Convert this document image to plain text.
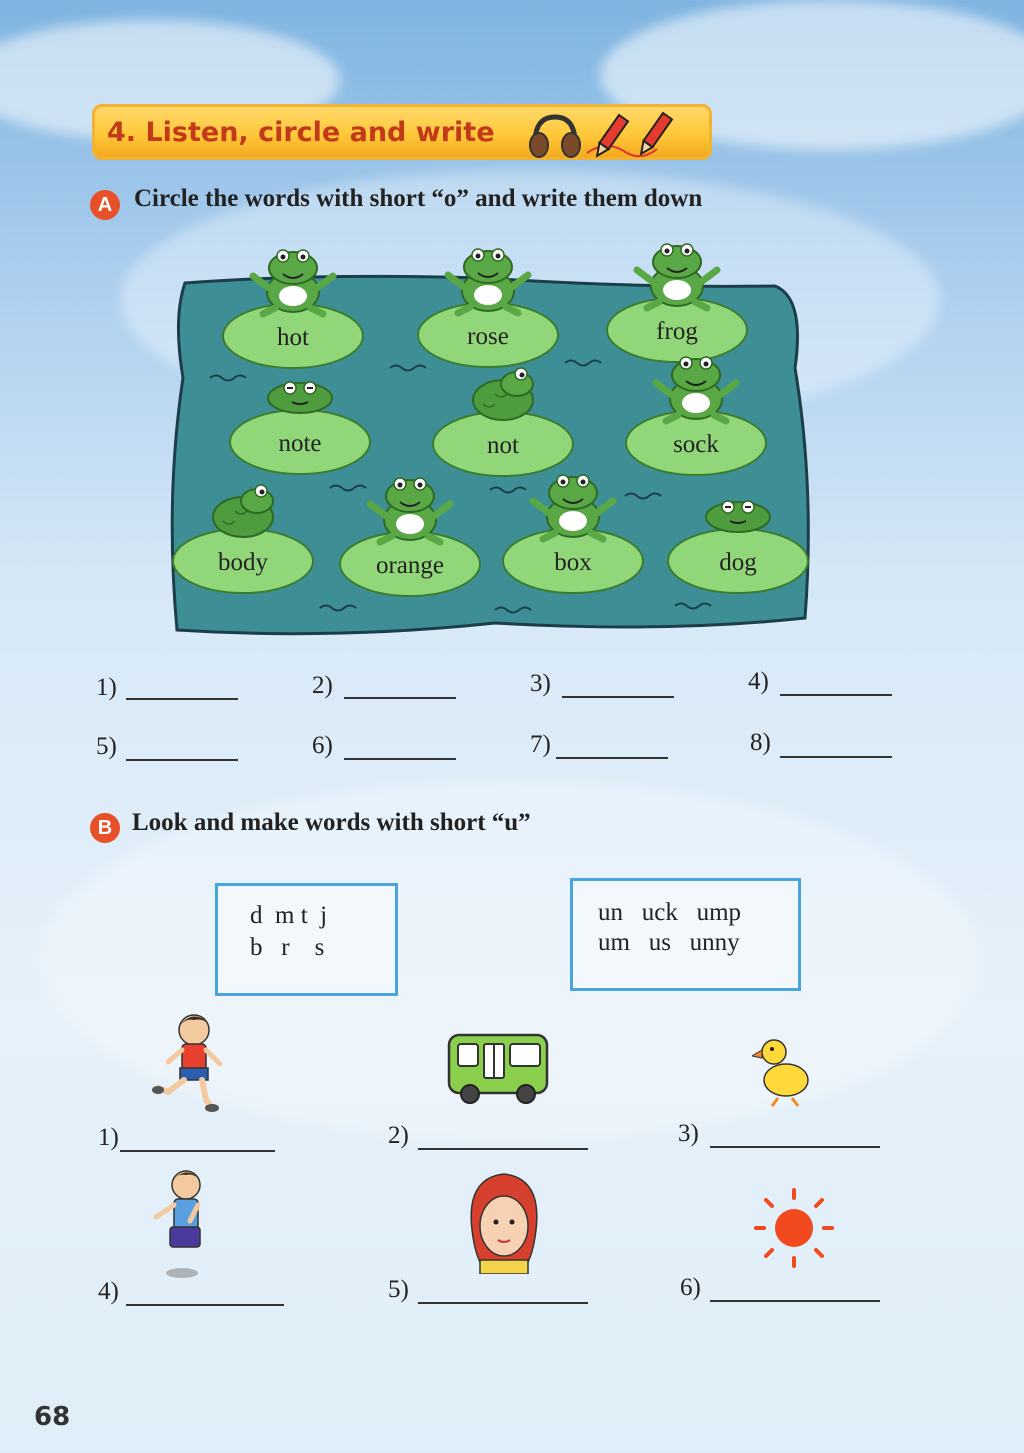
4. Listen, circle and write
A Circle the words with short “o” and write them down
hot	rose	frog
note	not	sock
body	orange	box	dog
1)	2)	3)	4)
5)	6)	7)	8)
B Look and make words with short “u”
d  m t  j
b   r    s
un   uck   ump
um   us   unny
1)	2)	3)
4)	5)	6)
68
